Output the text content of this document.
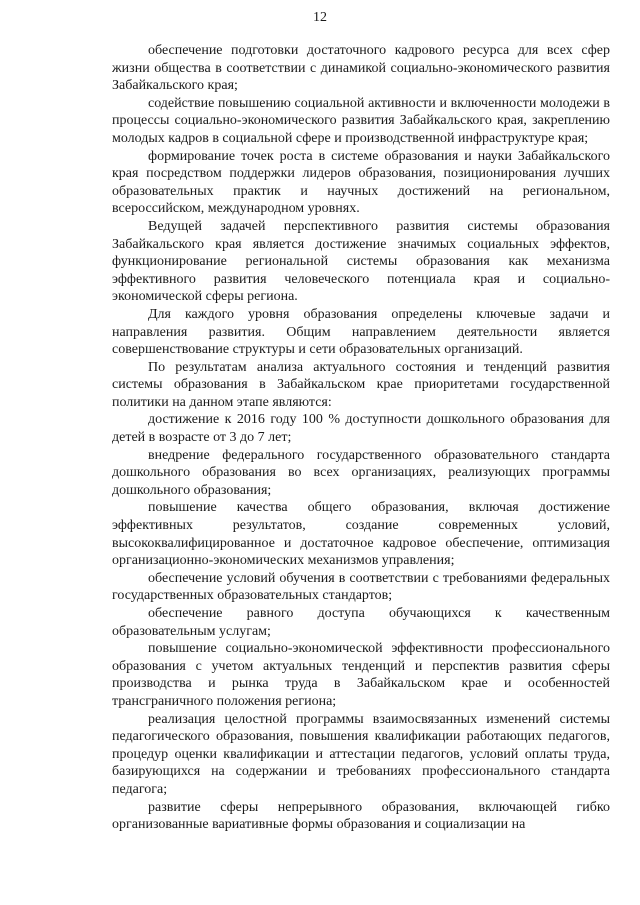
12

обеспечение подготовки достаточного кадрового ресурса для всех сфер жизни общества в соответствии с динамикой социально-экономического развития Забайкальского края;

содействие повышению социальной активности и включенности молодежи в процессы социально-экономического развития Забайкальского края, закреплению молодых кадров в социальной сфере и производственной инфраструктуре края;

формирование точек роста в системе образования и науки Забайкальского края посредством поддержки лидеров образования, позиционирования лучших образовательных практик и научных достижений на региональном, всероссийском, международном уровнях.

Ведущей задачей перспективного развития системы образования Забайкальского края является достижение значимых социальных эффектов, функционирование региональной системы образования как механизма эффективного развития человеческого потенциала края и социально-экономической сферы региона.

Для каждого уровня образования определены ключевые задачи и направления развития. Общим направлением деятельности является совершенствование структуры и сети образовательных организаций.

По результатам анализа актуального состояния и тенденций развития системы образования в Забайкальском крае приоритетами государственной политики на данном этапе являются:

достижение к 2016 году 100 % доступности дошкольного образования для детей в возрасте от 3 до 7 лет;

внедрение федерального государственного образовательного стандарта дошкольного образования во всех организациях, реализующих программы дошкольного образования;

повышение качества общего образования, включая достижение эффективных результатов, создание современных условий, высококвалифицированное и достаточное кадровое обеспечение, оптимизация организационно-экономических механизмов управления;

обеспечение условий обучения в соответствии с требованиями федеральных государственных образовательных стандартов;

обеспечение равного доступа обучающихся к качественным образовательным услугам;

повышение социально-экономической эффективности профессионального образования с учетом актуальных тенденций и перспектив развития сферы производства и рынка труда в Забайкальском крае и особенностей трансграничного положения региона;

реализация целостной программы взаимосвязанных изменений системы педагогического образования, повышения квалификации работающих педагогов, процедур оценки квалификации и аттестации педагогов, условий оплаты труда, базирующихся на содержании и требованиях профессионального стандарта педагога;

развитие сферы непрерывного образования, включающей гибко организованные вариативные формы образования и социализации на
